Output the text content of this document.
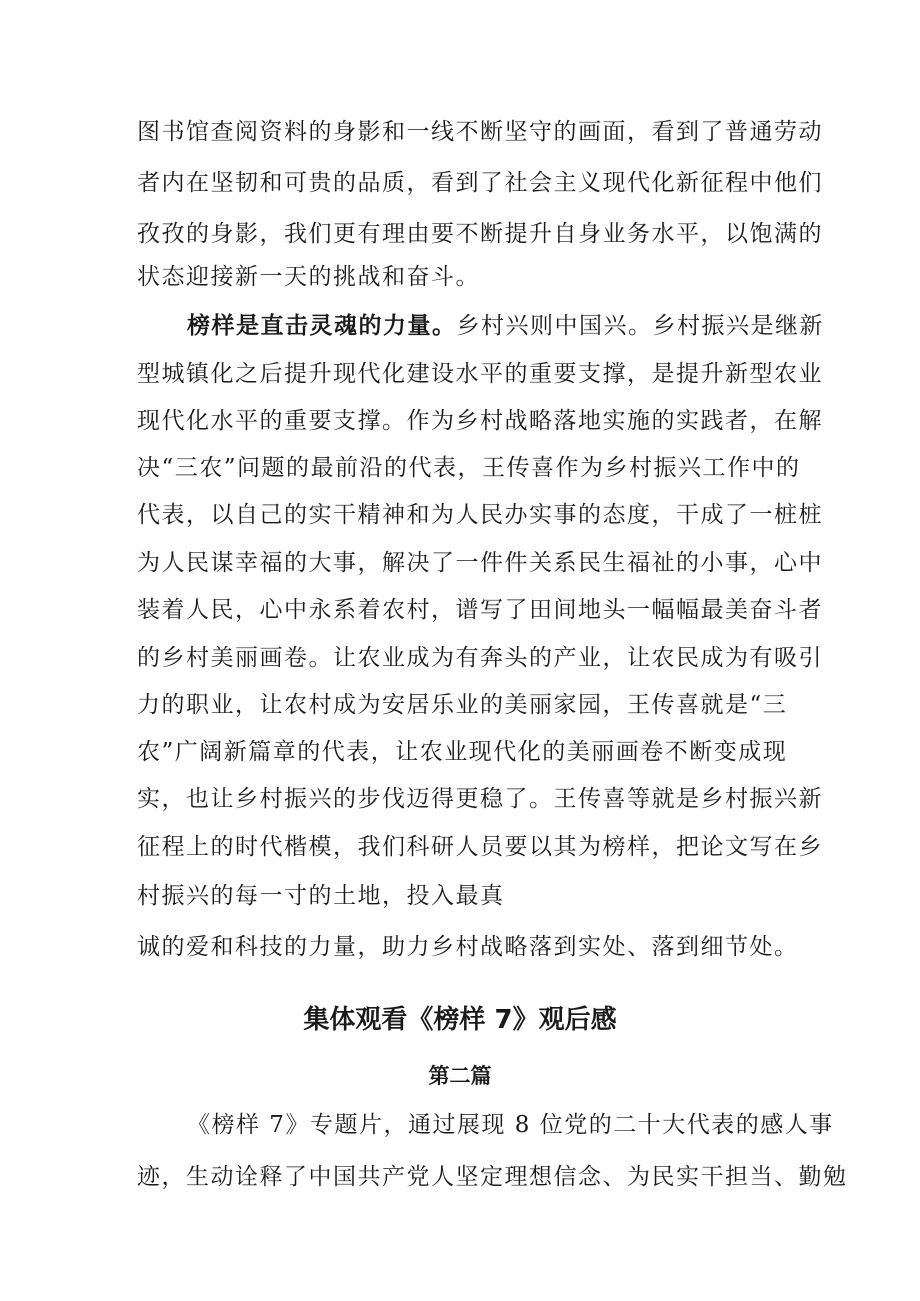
图书馆查阅资料的身影和一线不断坚守的画面，看到了普通劳动
者内在坚韧和可贵的品质，看到了社会主义现代化新征程中他们
孜孜的身影，我们更有理由要不断提升自身业务水平，以饱满的
状态迎接新一天的挑战和奋斗。
榜样是直击灵魂的力量。乡村兴则中国兴。乡村振兴是继新
型城镇化之后提升现代化建设水平的重要支撑，是提升新型农业
现代化水平的重要支撑。作为乡村战略落地实施的实践者，在解
决“三农”问题的最前沿的代表，王传喜作为乡村振兴工作中的
代表，以自己的实干精神和为人民办实事的态度，干成了一桩桩
为人民谋幸福的大事，解决了一件件关系民生福祉的小事，心中
装着人民，心中永系着农村，谱写了田间地头一幅幅最美奋斗者
的乡村美丽画卷。让农业成为有奔头的产业，让农民成为有吸引
力的职业，让农村成为安居乐业的美丽家园，王传喜就是“三
农”广阔新篇章的代表，让农业现代化的美丽画卷不断变成现
实，也让乡村振兴的步伐迈得更稳了。王传喜等就是乡村振兴新
征程上的时代楷模，我们科研人员要以其为榜样，把论文写在乡
村振兴的每一寸的土地，投入最真
诚的爱和科技的力量，助力乡村战略落到实处、落到细节处。
集体观看《榜样 7》观后感
第二篇
《榜样 7》专题片，通过展现 8 位党的二十大代表的感人事
迹，生动诠释了中国共产党人坚定理想信念、为民实干担当、勤勉
